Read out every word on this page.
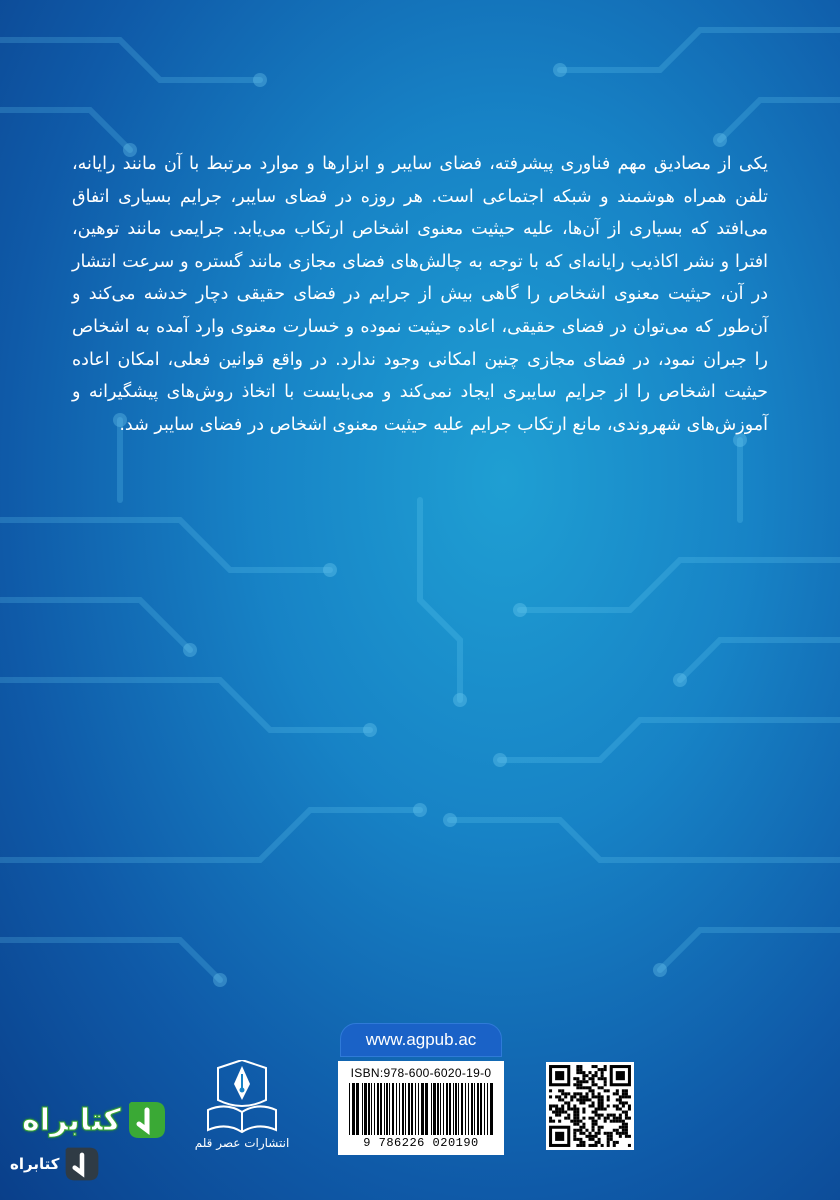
یکی از مصادیق مهم فناوری پیشرفته، فضای سایبر و ابزارها و موارد مرتبط با آن مانند رایانه، تلفن همراه هوشمند و شبکه اجتماعی است. هر روزه در فضای سایبر، جرایم بسیاری اتفاق می‌افتد که بسیاری از آن‌ها، علیه حیثیت معنوی اشخاص ارتکاب می‌یابد. جرایمی مانند توهین، افترا و نشر اکاذیب رایانه‌ای که با توجه به چالش‌های فضای مجازی مانند گستره و سرعت انتشار در آن، حیثیت معنوی اشخاص را گاهی بیش از جرایم در فضای حقیقی دچار خدشه می‌کند و آن‌طور که می‌توان در فضای حقیقی، اعاده حیثیت نموده و خسارت معنوی وارد آمده به اشخاص را جبران نمود، در فضای مجازی چنین امکانی وجود ندارد. در واقع قوانین فعلی، امکان اعاده حیثیت اشخاص را از جرایم سایبری ایجاد نمی‌کند و می‌بایست با اتخاذ روش‌های پیشگیرانه و آموزش‌های شهروندی، مانع ارتکاب جرایم علیه حیثیت معنوی اشخاص در فضای سایبر شد.
www.agpub.ac
ISBN:978-600-6020-19-0
9 786226 020190
انتشارات عصر قلم
کتابراه
کتابراه
